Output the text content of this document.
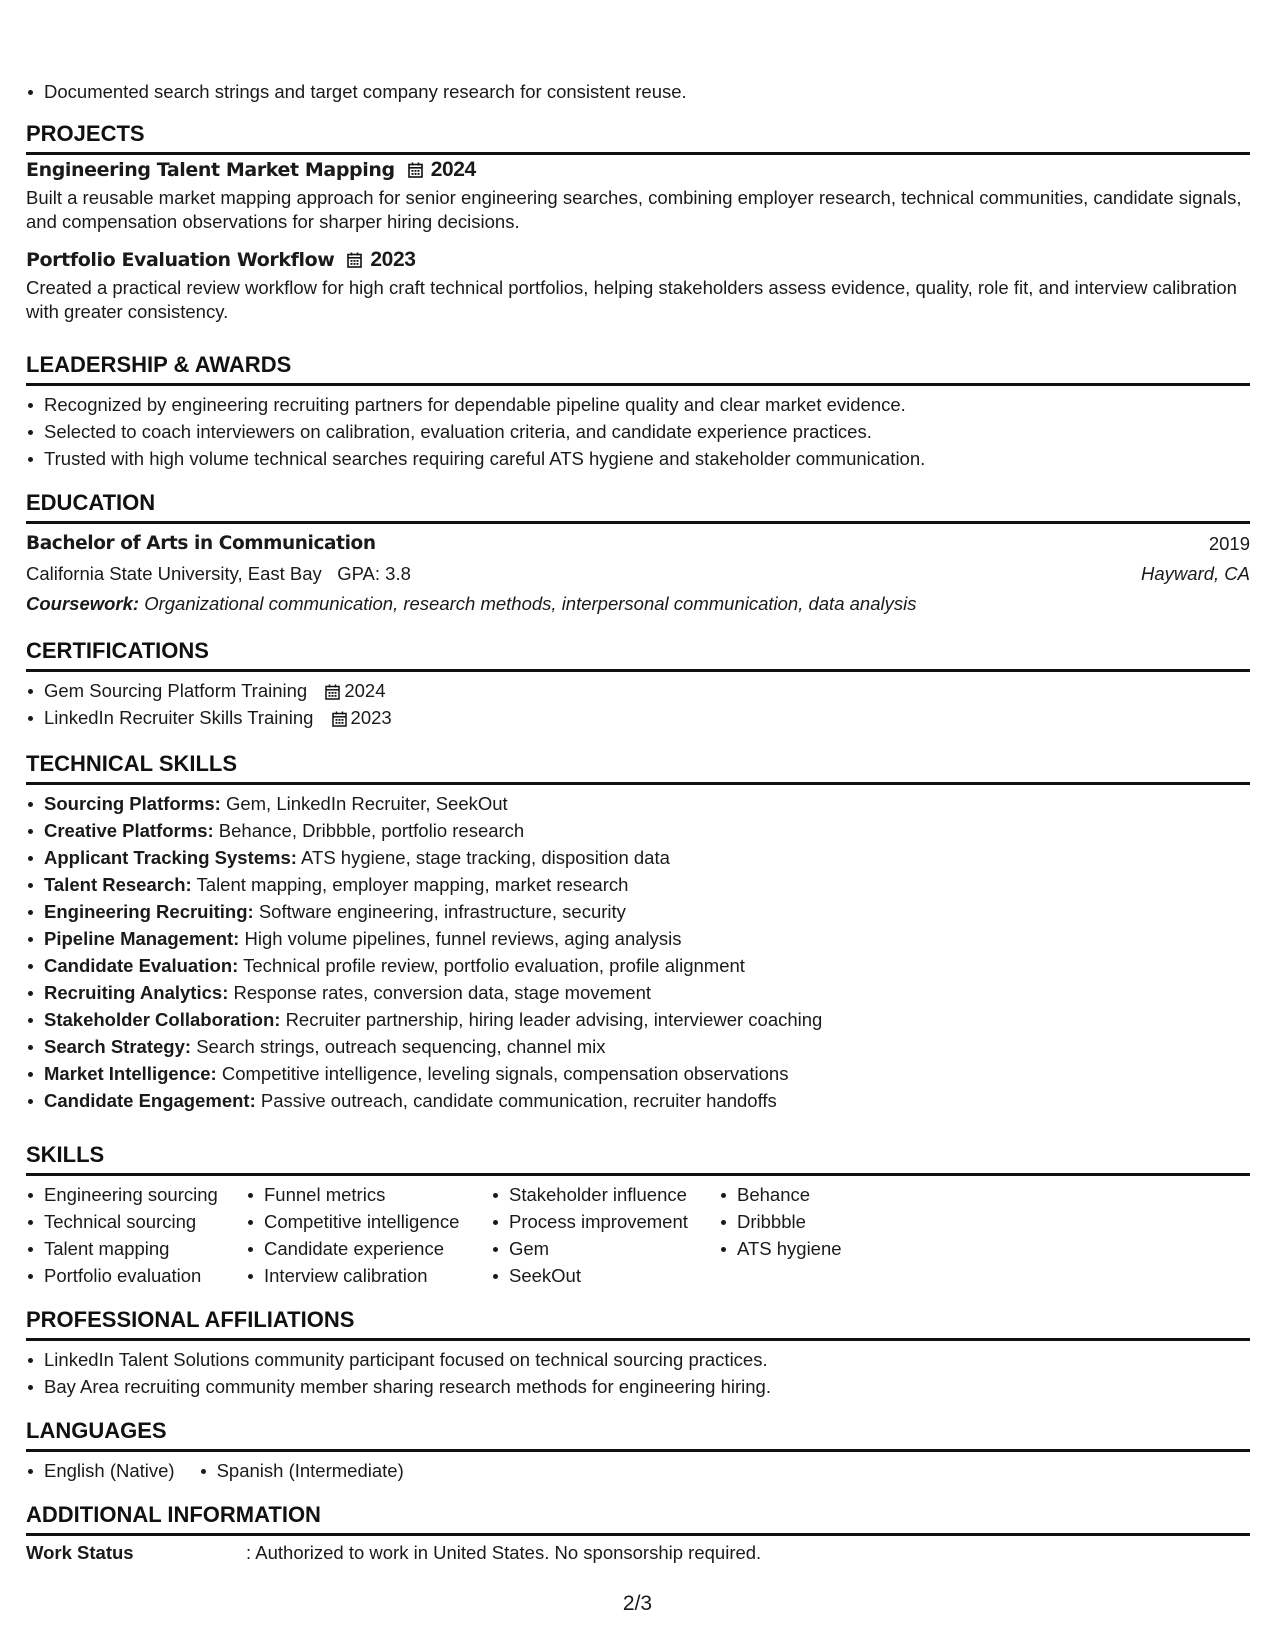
Documented search strings and target company research for consistent reuse.
PROJECTS
Engineering Talent Market Mapping 2024
Built a reusable market mapping approach for senior engineering searches, combining employer research, technical communities, candidate signals, and compensation observations for sharper hiring decisions.
Portfolio Evaluation Workflow 2023
Created a practical review workflow for high craft technical portfolios, helping stakeholders assess evidence, quality, role fit, and interview calibration with greater consistency.
LEADERSHIP & AWARDS
Recognized by engineering recruiting partners for dependable pipeline quality and clear market evidence.
Selected to coach interviewers on calibration, evaluation criteria, and candidate experience practices.
Trusted with high volume technical searches requiring careful ATS hygiene and stakeholder communication.
EDUCATION
Bachelor of Arts in Communication	2019
California State University, East Bay GPA: 3.8	Hayward, CA
Coursework:
Organizational communication, research methods, interpersonal communication, data analysis
CERTIFICATIONS
Gem Sourcing Platform Training 2024
LinkedIn Recruiter Skills Training 2023
TECHNICAL SKILLS
Sourcing Platforms: Gem, LinkedIn Recruiter, SeekOut
Creative Platforms: Behance, Dribbble, portfolio research
Applicant Tracking Systems: ATS hygiene, stage tracking, disposition data
Talent Research: Talent mapping, employer mapping, market research
Engineering Recruiting: Software engineering, infrastructure, security
Pipeline Management: High volume pipelines, funnel reviews, aging analysis
Candidate Evaluation: Technical profile review, portfolio evaluation, profile alignment
Recruiting Analytics: Response rates, conversion data, stage movement
Stakeholder Collaboration: Recruiter partnership, hiring leader advising, interviewer coaching
Search Strategy: Search strings, outreach sequencing, channel mix
Market Intelligence: Competitive intelligence, leveling signals, compensation observations
Candidate Engagement: Passive outreach, candidate communication, recruiter handoffs
SKILLS
Engineering sourcing
Technical sourcing
Talent mapping
Portfolio evaluation
Funnel metrics
Competitive intelligence
Candidate experience
Interview calibration
Stakeholder influence
Process improvement
Gem
SeekOut
Behance
Dribbble
ATS hygiene
PROFESSIONAL AFFILIATIONS
LinkedIn Talent Solutions community participant focused on technical sourcing practices.
Bay Area recruiting community member sharing research methods for engineering hiring.
LANGUAGES
English (Native)	Spanish (Intermediate)
ADDITIONAL INFORMATION
Work Status	: Authorized to work in United States. No sponsorship required.
2/3
